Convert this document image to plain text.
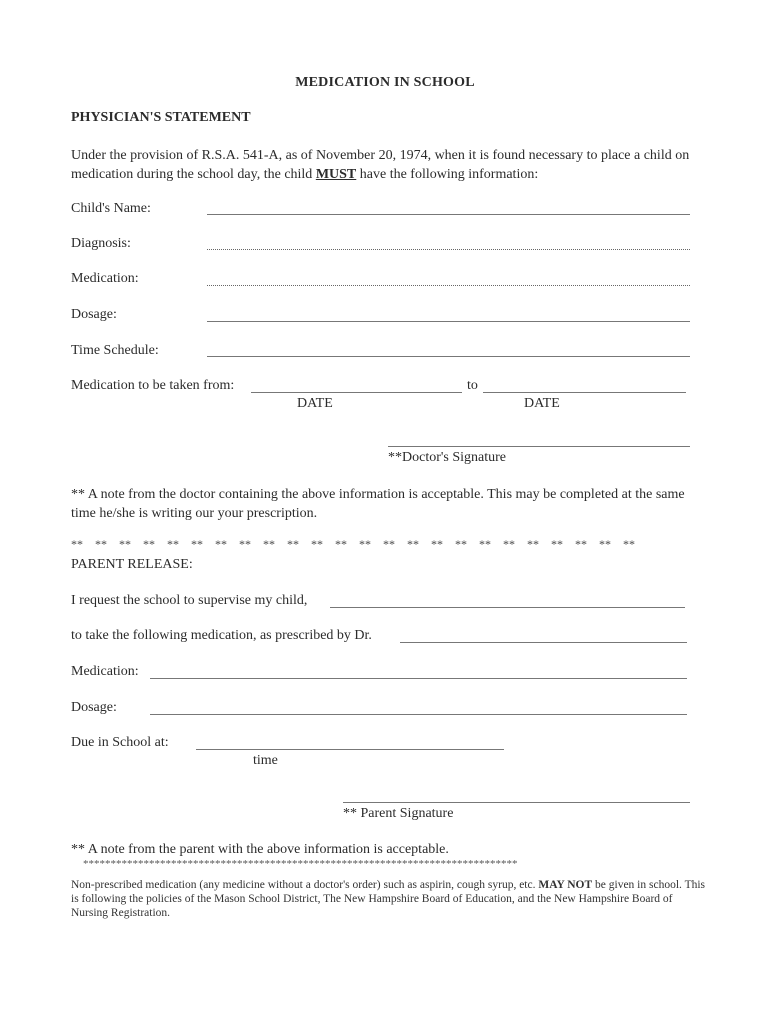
MEDICATION IN SCHOOL
PHYSICIAN'S STATEMENT
Under the provision of R.S.A. 541-A, as of November 20, 1974, when it is found necessary to place a child on medication during the school day, the child MUST have the following information:
Child's Name:
Diagnosis:
Medication:
Dosage:
Time Schedule:
Medication to be taken from:	to
DATE	DATE
**Doctor's Signature
** A note from the doctor containing the above information is acceptable. This may be completed at the same time he/she is writing our your prescription.
**    **    **    **    **    **    **    **    **    **    **    **    **    **    **    **    **    **    **    **    **    **    **    **
PARENT RELEASE:
I request the school to supervise my child,
to take the following medication, as prescribed by Dr.
Medication:
Dosage:
Due in School at:
time
** Parent Signature
** A note from the parent with the above information is acceptable.
*******************************************************************************
Non-prescribed medication (any medicine without a doctor's order) such as aspirin, cough syrup, etc. MAY NOT be given in school. This is following the policies of the Mason School District, The New Hampshire Board of Education, and the New Hampshire Board of Nursing Registration.
